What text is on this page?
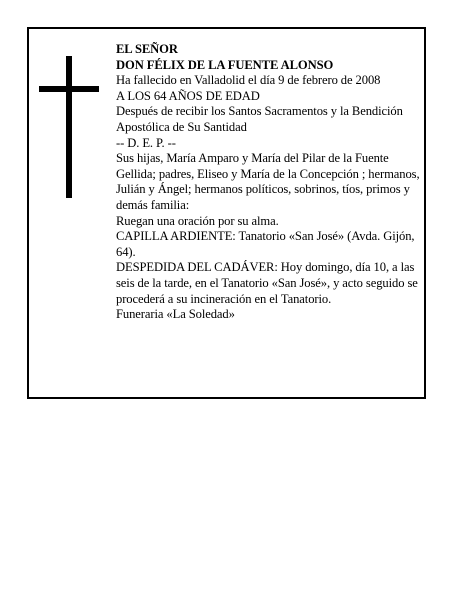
EL SEÑOR

DON FÉLIX DE LA FUENTE ALONSO

Ha fallecido en Valladolid el día 9 de febrero de 2008

A LOS 64 AÑOS DE EDAD

Después de recibir los Santos Sacramentos y la Bendición Apostólica de Su Santidad

-- D. E. P. --

Sus hijas, María Amparo y María del Pilar de la Fuente Gellida; padres, Eliseo y María de la Concepción ; hermanos, Julián y Ángel; hermanos políticos, sobrinos, tíos, primos y demás familia:

Ruegan una oración por su alma.

CAPILLA ARDIENTE: Tanatorio «San José» (Avda. Gijón, 64).

DESPEDIDA DEL CADÁVER: Hoy domingo, día 10, a las seis de la tarde, en el Tanatorio «San José», y acto seguido se procederá a su incineración en el Tanatorio.

Funeraria «La Soledad»
